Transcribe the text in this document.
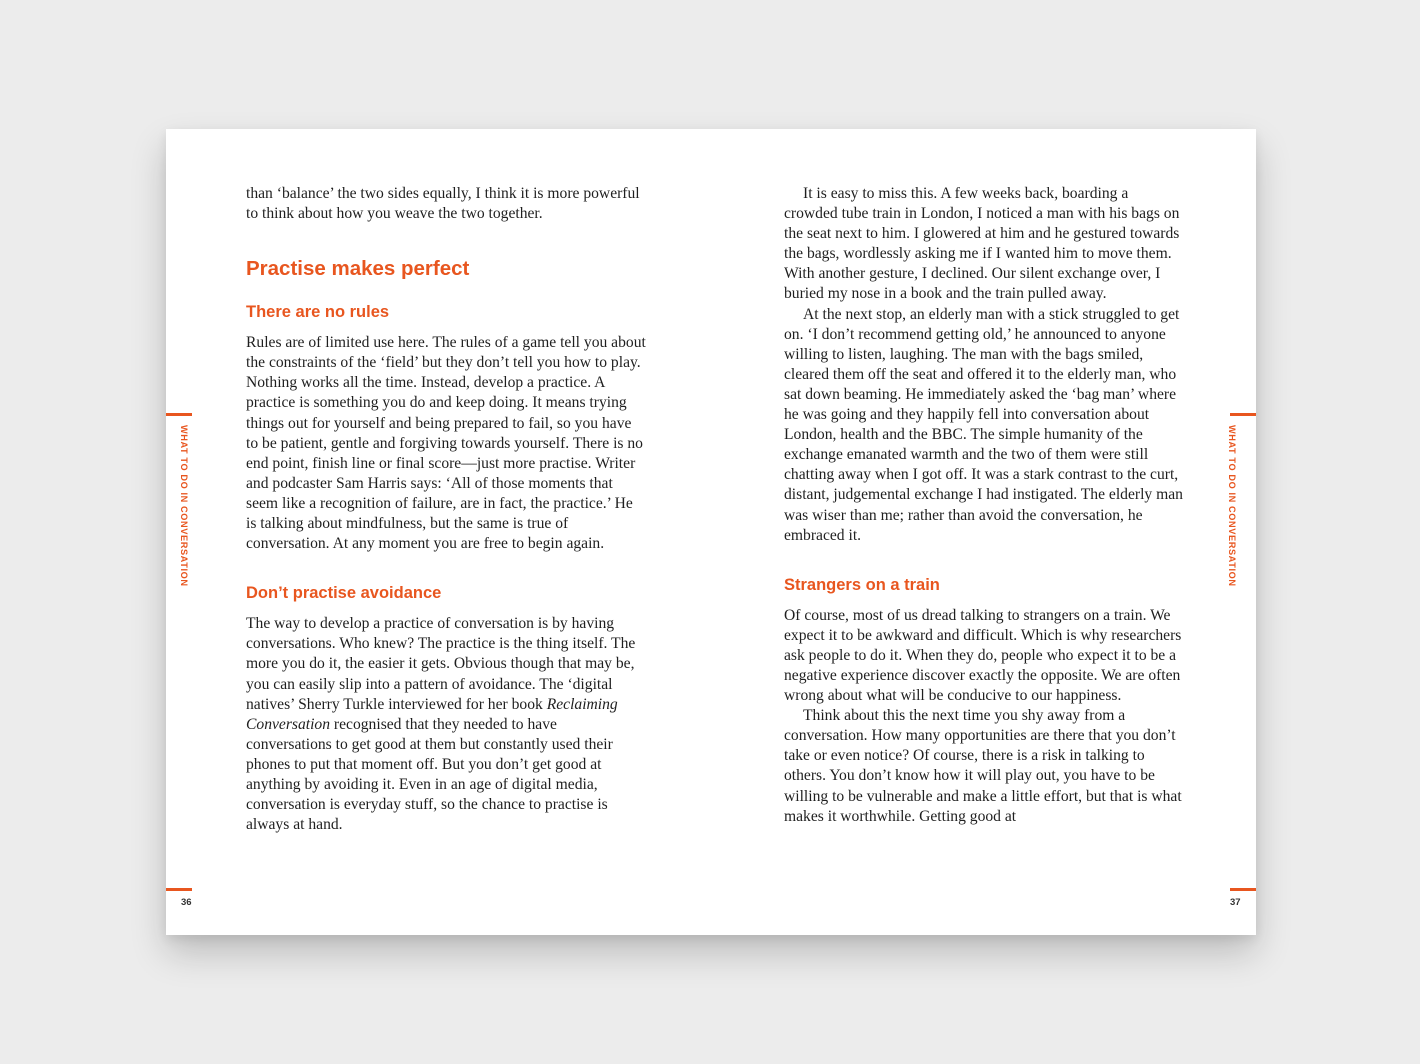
WHAT TO DO IN CONVERSATION
36
WHAT TO DO IN CONVERSATION
37

than ‘balance’ the two sides equally, I think it is more powerful to think about how you weave the two together.

Practise makes perfect
There are no rules

Rules are of limited use here. The rules of a game tell you about the constraints of the ‘field’ but they don’t tell you how to play. Nothing works all the time. Instead, develop a practice. A practice is something you do and keep doing. It means trying things out for yourself and being prepared to fail, so you have to be patient, gentle and forgiving towards yourself. There is no end point, finish line or final score—just more practise. Writer and podcaster Sam Harris says: ‘All of those moments that seem like a recognition of failure, are in fact, the practice.’ He is talking about mindfulness, but the same is true of conversation. At any moment you are free to begin again.

Don’t practise avoidance

The way to develop a practice of conversation is by having conversations. Who knew? The practice is the thing itself. The more you do it, the easier it gets. Obvious though that may be, you can easily slip into a pattern of avoidance. The ‘digital natives’ Sherry Turkle interviewed for her book Reclaiming Conversation recognised that they needed to have conversations to get good at them but constantly used their phones to put that moment off. But you don’t get good at anything by avoiding it. Even in an age of digital media, conversation is everyday stuff, so the chance to practise is always at hand.

It is easy to miss this. A few weeks back, boarding a crowded tube train in London, I noticed a man with his bags on the seat next to him. I glowered at him and he gestured towards the bags, wordlessly asking me if I wanted him to move them. With another gesture, I declined. Our silent exchange over, I buried my nose in a book and the train pulled away.

At the next stop, an elderly man with a stick struggled to get on. ‘I don’t recommend getting old,’ he announced to anyone willing to listen, laughing. The man with the bags smiled, cleared them off the seat and offered it to the elderly man, who sat down beaming. He immediately asked the ‘bag man’ where he was going and they happily fell into conversation about London, health and the BBC. The simple humanity of the exchange emanated warmth and the two of them were still chatting away when I got off. It was a stark contrast to the curt, distant, judgemental exchange I had instigated. The elderly man was wiser than me; rather than avoid the conversation, he embraced it.

Strangers on a train

Of course, most of us dread talking to strangers on a train. We expect it to be awkward and difficult. Which is why researchers ask people to do it. When they do, people who expect it to be a negative experience discover exactly the opposite. We are often wrong about what will be conducive to our happiness.

Think about this the next time you shy away from a conversation. How many opportunities are there that you don’t take or even notice? Of course, there is a risk in talking to others. You don’t know how it will play out, you have to be willing to be vulnerable and make a little effort, but that is what makes it worthwhile. Getting good at
